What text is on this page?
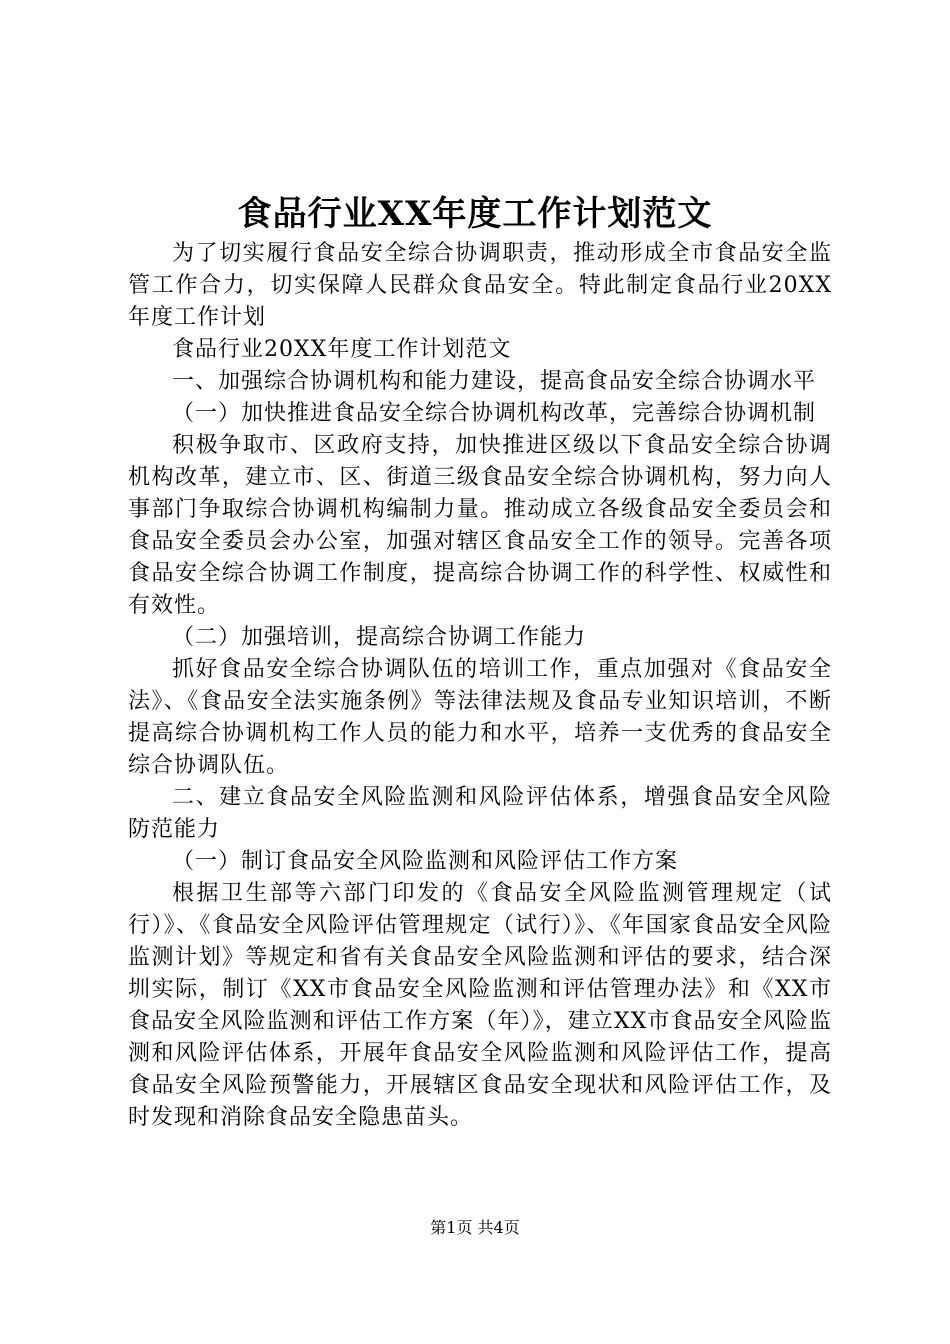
食品行业XX年度工作计划范文

为了切实履行食品安全综合协调职责，推动形成全市食品安全监管工作合力，切实保障人民群众食品安全。特此制定食品行业20XX年度工作计划

食品行业20XX年度工作计划范文

一、加强综合协调机构和能力建设，提高食品安全综合协调水平

（一）加快推进食品安全综合协调机构改革，完善综合协调机制

积极争取市、区政府支持，加快推进区级以下食品安全综合协调机构改革，建立市、区、街道三级食品安全综合协调机构，努力向人事部门争取综合协调机构编制力量。推动成立各级食品安全委员会和食品安全委员会办公室，加强对辖区食品安全工作的领导。完善各项食品安全综合协调工作制度，提高综合协调工作的科学性、权威性和有效性。

（二）加强培训，提高综合协调工作能力

抓好食品安全综合协调队伍的培训工作，重点加强对《食品安全法》、《食品安全法实施条例》等法律法规及食品专业知识培训，不断提高综合协调机构工作人员的能力和水平，培养一支优秀的食品安全综合协调队伍。

二、建立食品安全风险监测和风险评估体系，增强食品安全风险防范能力

（一）制订食品安全风险监测和风险评估工作方案

根据卫生部等六部门印发的《食品安全风险监测管理规定（试行）》、《食品安全风险评估管理规定（试行）》、《年国家食品安全风险监测计划》等规定和省有关食品安全风险监测和评估的要求，结合深圳实际，制订《XX市食品安全风险监测和评估管理办法》和《XX市食品安全风险监测和评估工作方案（年）》，建立XX市食品安全风险监测和风险评估体系，开展年食品安全风险监测和风险评估工作，提高食品安全风险预警能力，开展辖区食品安全现状和风险评估工作，及时发现和消除食品安全隐患苗头。

第1页 共4页
